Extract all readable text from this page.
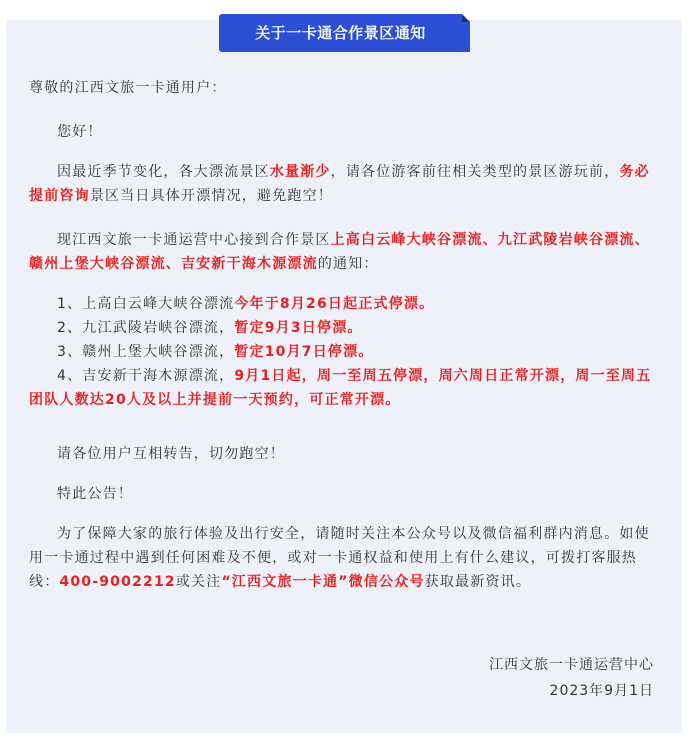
关于一卡通合作景区通知

尊敬的江西文旅一卡通用户：

您好！

因最近季节变化，各大漂流景区水量渐少，请各位游客前往相关类型的景区游玩前，务必提前咨询景区当日具体开漂情况，避免跑空！

现江西文旅一卡通运营中心接到合作景区上高白云峰大峡谷漂流、九江武陵岩峡谷漂流、赣州上堡大峡谷漂流、吉安新干海木源漂流的通知：

1、上高白云峰大峡谷漂流今年于8月26日起正式停漂。

2、九江武陵岩峡谷漂流，暂定9月3日停漂。

3、赣州上堡大峡谷漂流，暂定10月7日停漂。

4、吉安新干海木源漂流，9月1日起，周一至周五停漂，周六周日正常开漂，周一至周五团队人数达20人及以上并提前一天预约，可正常开漂。

请各位用户互相转告，切勿跑空！

特此公告！

为了保障大家的旅行体验及出行安全，请随时关注本公众号以及微信福利群内消息。如使用一卡通过程中遇到任何困难及不便，或对一卡通权益和使用上有什么建议，可拨打客服热线：400-9002212或关注“江西文旅一卡通”微信公众号获取最新资讯。

江西文旅一卡通运营中心
2023年9月1日
